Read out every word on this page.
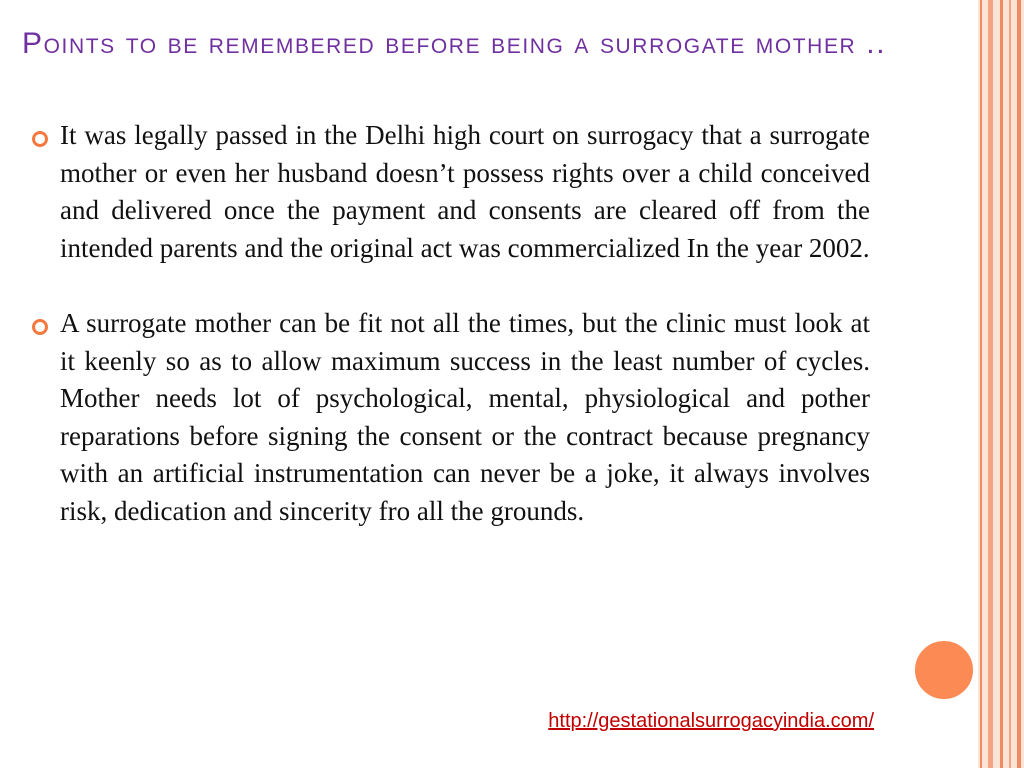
Points to be remembered before being a surrogate mother ..

It was legally passed in the Delhi high court on surrogacy that a surrogate mother or even her husband doesn’t possess rights over a child conceived and delivered once the payment and consents are cleared off from the intended parents and the original act was commercialized In the year 2002.

A surrogate mother can be fit not all the times, but the clinic must look at it keenly so as to allow maximum success in the least number of cycles. Mother needs lot of psychological, mental, physiological and pother reparations before signing the consent or the contract because pregnancy with an artificial instrumentation can never be a joke, it always involves risk, dedication and sincerity fro all the grounds.

http://gestationalsurrogacyindia.com/
